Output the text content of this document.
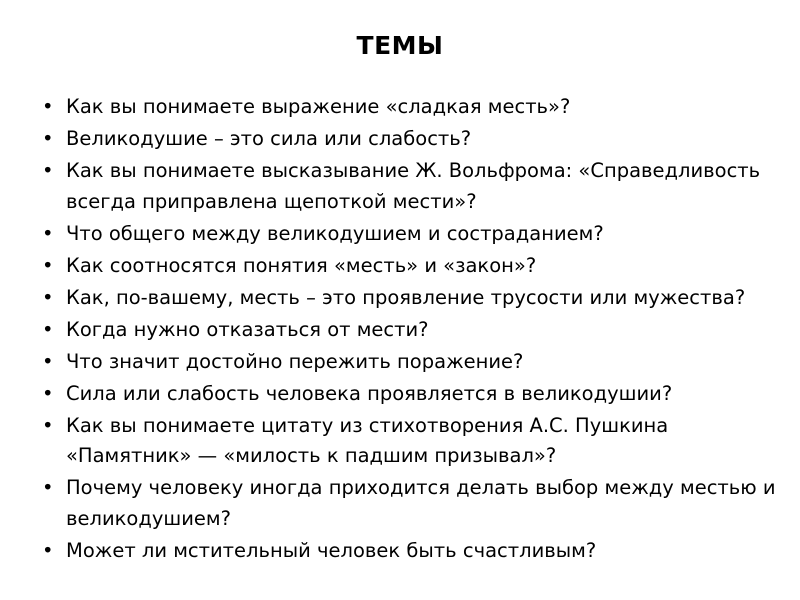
ТЕМЫ
• Как вы понимаете выражение «сладкая месть»?
• Великодушие – это сила или слабость?
• Как вы понимаете высказывание Ж. Вольфрома: «Справедливость всегда приправлена щепоткой мести»?
• Что общего между великодушием и состраданием?
• Как соотносятся понятия «месть» и «закон»?
• Как, по-вашему, месть – это проявление трусости или мужества?
• Когда нужно отказаться от мести?
• Что значит достойно пережить поражение?
• Сила или слабость человека проявляется в великодушии?
• Как вы понимаете цитату из стихотворения А.С. Пушкина «Памятник» — «милость к падшим призывал»?
• Почему человеку иногда приходится делать выбор между местью и великодушием?
• Может ли мстительный человек быть счастливым?
